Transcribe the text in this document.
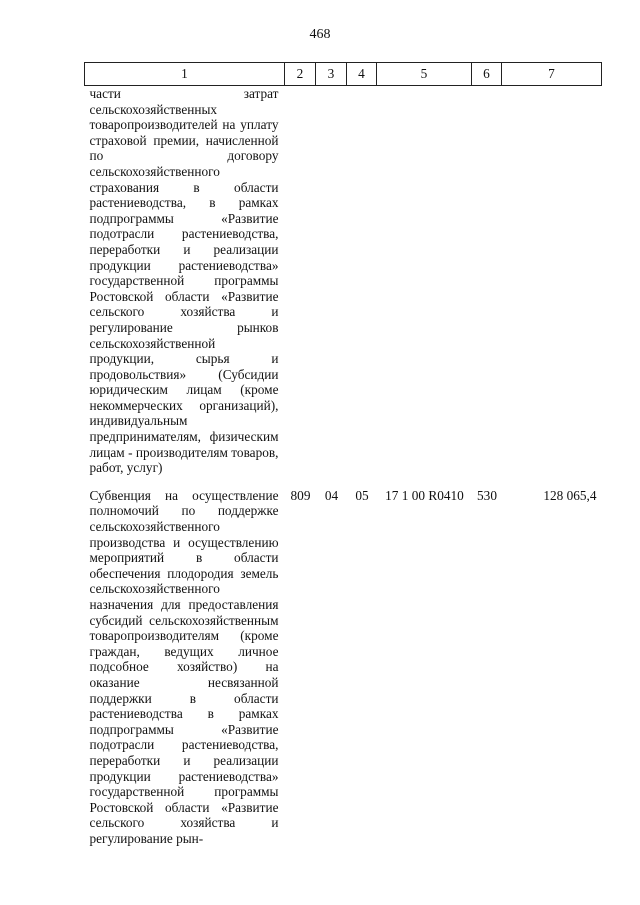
468
1	2	3	4	5	6	7
части затрат сельскохозяйственных товаропроизводителей на уплату страховой премии, начисленной по договору сельскохозяйственного страхования в области растениеводства, в рамках подпрограммы «Развитие подотрасли растениеводства, переработки и реализации продукции растениеводства» государственной программы Ростовской области «Развитие сельского хозяйства и регулирование рынков сельскохозяйственной продукции, сырья и продовольствия» (Субсидии юридическим лицам (кроме некоммерческих организаций), индивидуальным предпринимателям, физическим лицам - производителям товаров, работ, услуг)						
Субвенция на осуществление полномочий по поддержке сельскохозяйственного производства и осуществлению мероприятий в области обеспечения плодородия земель сельскохозяйственного назначения для предоставления субсидий сельскохозяйственным товаропроизводителям (кроме граждан, ведущих личное подсобное хозяйство) на оказание несвязанной поддержки в области растениеводства в рамках подпрограммы «Развитие подотрасли растениеводства, переработки и реализации продукции растениеводства» государственной программы Ростовской области «Развитие сельского хозяйства и регулирование рын-	809	04	05	17 1 00 R0410	530	128 065,4
